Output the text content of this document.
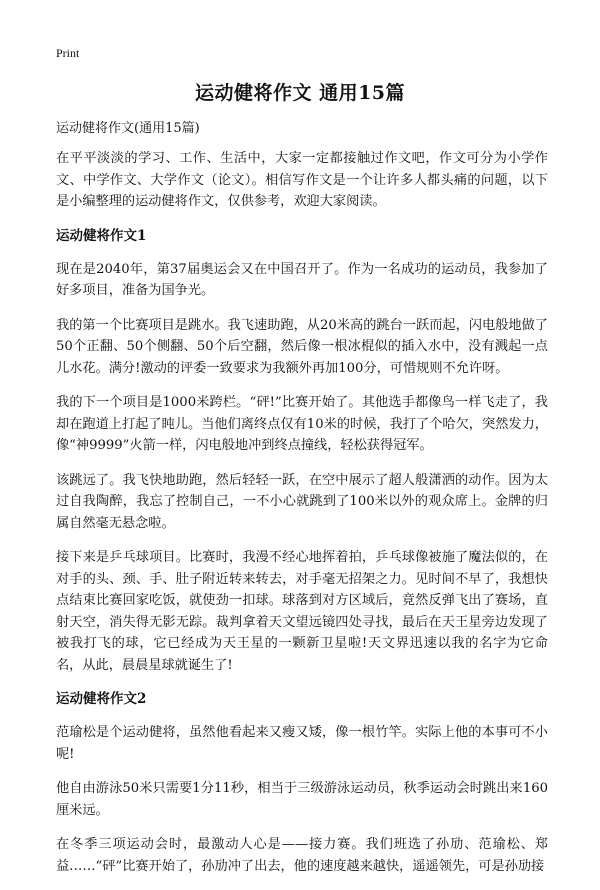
Print
运动健将作文 通用15篇
运动健将作文(通用15篇)

在平平淡淡的学习、工作、生活中，大家一定都接触过作文吧，作文可分为小学作文、中学作文、大学作文（论文）。相信写作文是一个让许多人都头痛的问题，以下是小编整理的运动健将作文，仅供参考，欢迎大家阅读。

运动健将作文1

现在是2040年，第37届奥运会又在中国召开了。作为一名成功的运动员，我参加了好多项目，准备为国争光。

我的第一个比赛项目是跳水。我飞速助跑，从20米高的跳台一跃而起，闪电般地做了50个正翻、50个侧翻、50个后空翻，然后像一根冰棍似的插入水中，没有溅起一点儿水花。满分!激动的评委一致要求为我额外再加100分，可惜规则不允许呀。

我的下一个项目是1000米跨栏。“砰!”比赛开始了。其他选手都像鸟一样飞走了，我却在跑道上打起了盹儿。当他们离终点仅有10米的时候，我打了个哈欠，突然发力，像“神9999”火箭一样，闪电般地冲到终点撞线，轻松获得冠军。

该跳远了。我飞快地助跑，然后轻轻一跃，在空中展示了超人般潇洒的动作。因为太过自我陶醉，我忘了控制自己，一不小心就跳到了100米以外的观众席上。金牌的归属自然毫无悬念啦。

接下来是乒乓球项目。比赛时，我漫不经心地挥着拍，乒乓球像被施了魔法似的，在对手的头、颈、手、肚子附近转来转去，对手毫无招架之力。见时间不早了，我想快点结束比赛回家吃饭，就使劲一扣球。球落到对方区域后，竟然反弹飞出了赛场，直射天空，消失得无影无踪。裁判拿着天文望远镜四处寻找，最后在天王星旁边发现了被我打飞的球，它已经成为天王星的一颗新卫星啦!天文界迅速以我的名字为它命名，从此，晨晨星球就诞生了!

运动健将作文2

范瑜松是个运动健将，虽然他看起来又瘦又矮，像一根竹竿。实际上他的本事可不小呢!

他自由游泳50米只需要1分11秒，相当于三级游泳运动员，秋季运动会时跳出来160厘米远。

在冬季三项运动会时，最激动人心是——接力赛。我们班选了孙劢、范瑜松、郑益……“砰”比赛开始了，孙劢冲了出去，他的速度越来越快，遥遥领先，可是孙劢接
